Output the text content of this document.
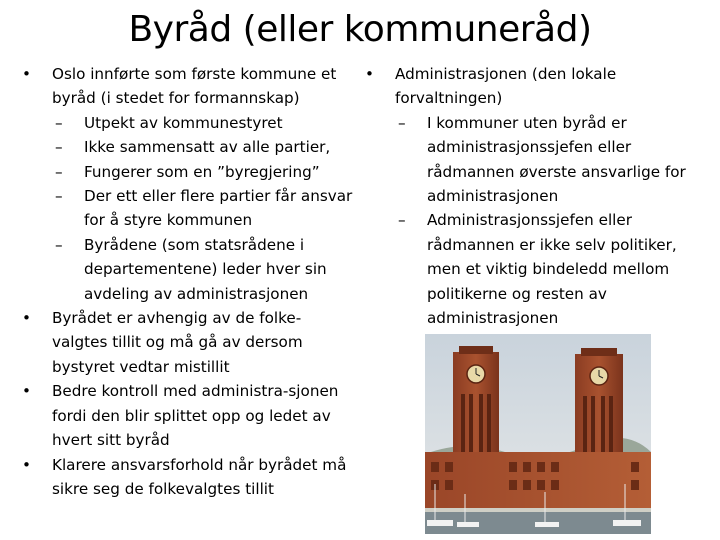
Byråd (eller kommuneråd)
•	Oslo innførte som første kommune et byråd (i stedet for formannskap)
– Utpekt av kommunestyret
– Ikke sammensatt av alle partier,
– Fungerer som en ”byregjering”
– Der ett eller flere partier får ansvar for å styre kommunen
– Byrådene (som statsrådene i departementene) leder hver sin avdeling av administrasjonen
•	Byrådet er avhengig av de folke-valgtes tillit og må gå av dersom bystyret vedtar mistillit
•	Bedre kontroll med administra-sjonen fordi den blir splittet opp og ledet av hvert sitt byråd
•	Klarere ansvarsforhold når byrådet må sikre seg de folkevalgtes tillit
•	Administrasjonen (den lokale forvaltningen)
– I kommuner uten byråd er administrasjonssjefen eller rådmannen øverste ansvarlige for administrasjonen
– Administrasjonssjefen eller rådmannen er ikke selv politiker, men et viktig bindeledd mellom politikerne og resten av administrasjonen
